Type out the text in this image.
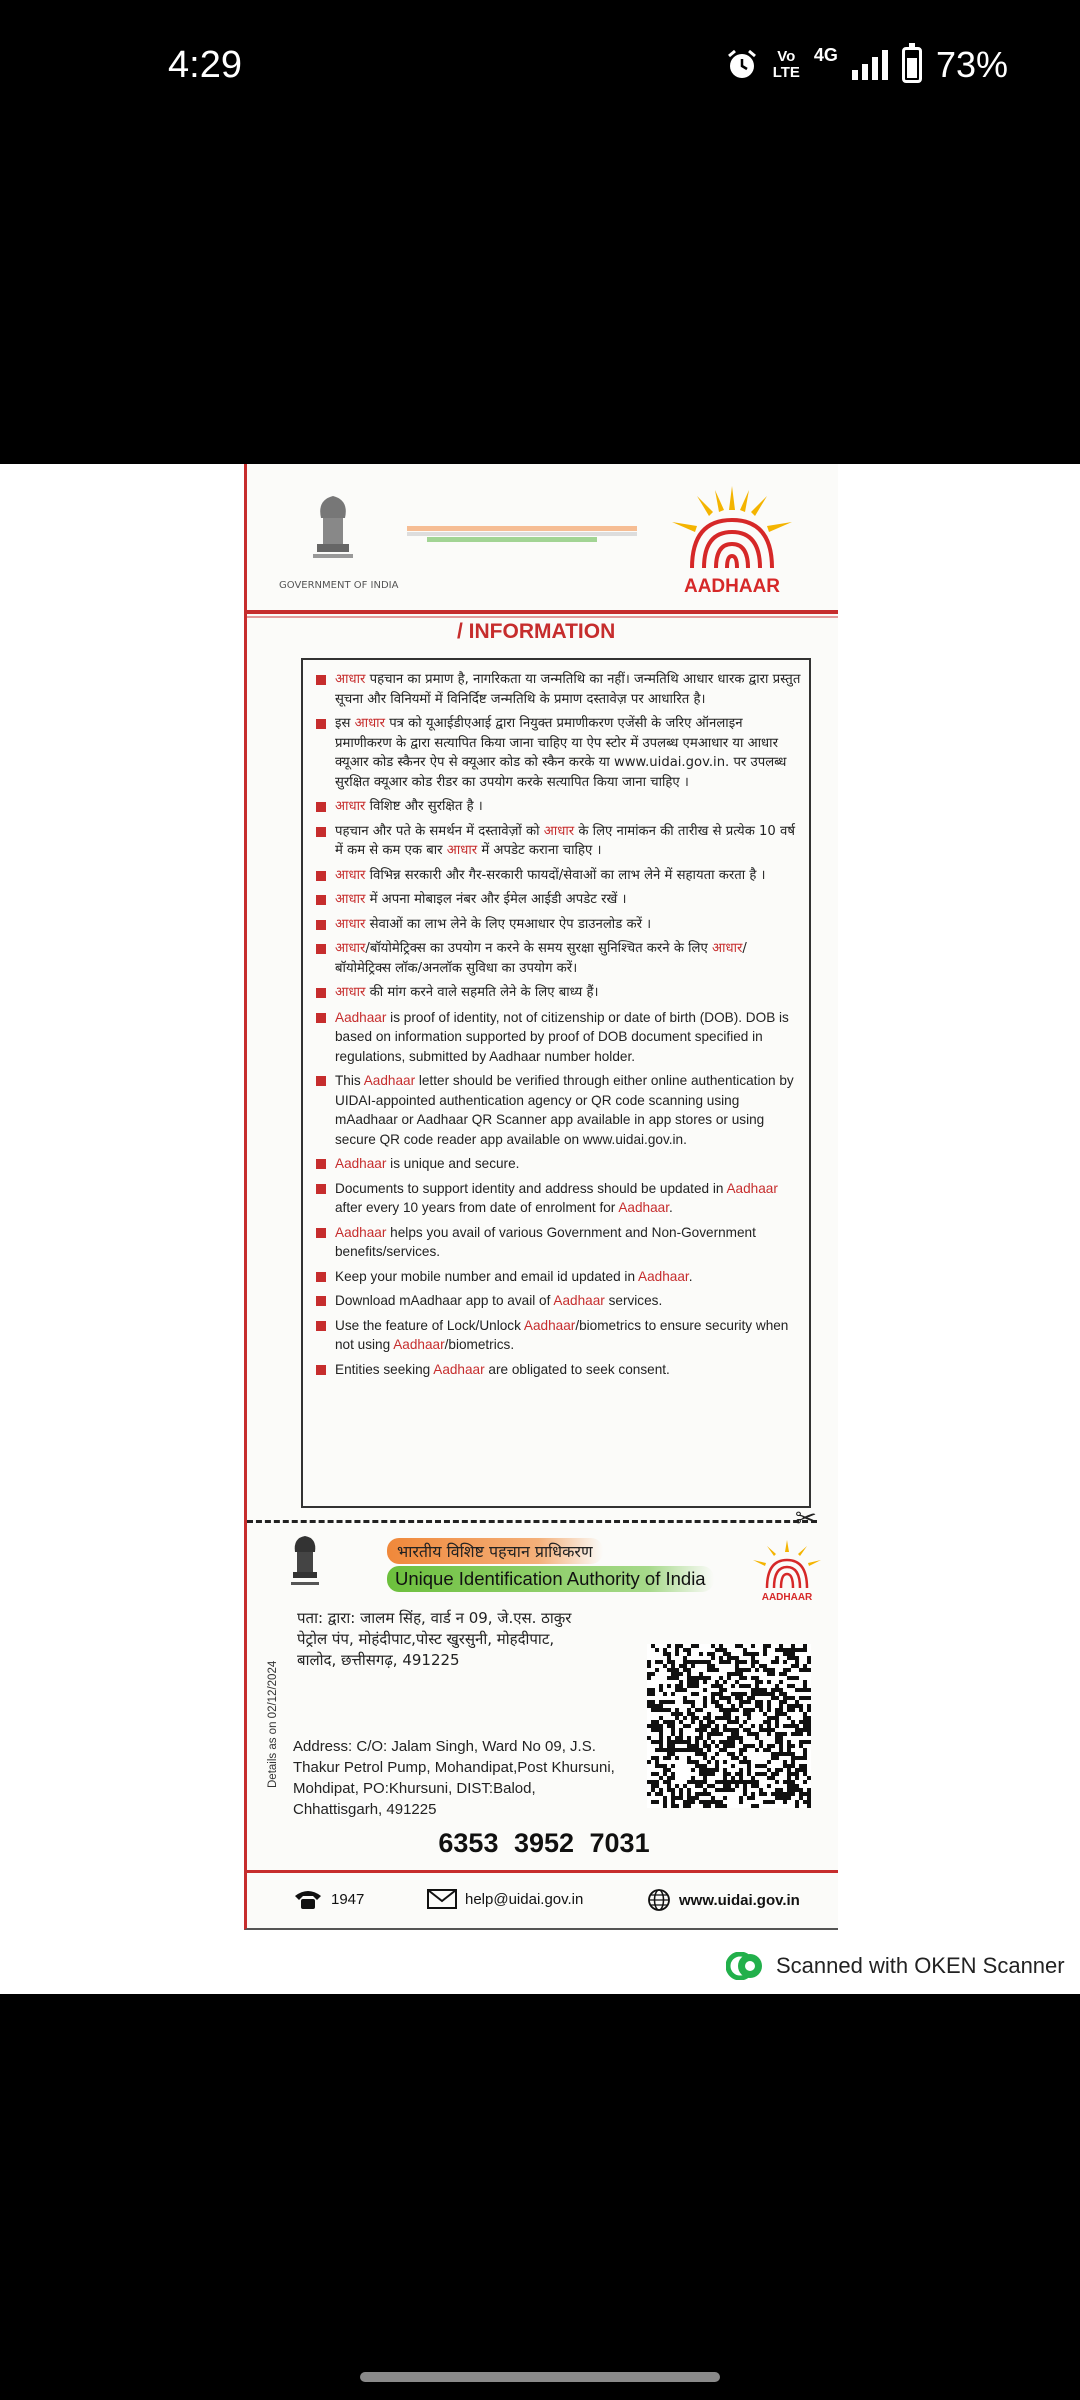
4:29	Vo
LTE
4G	73%
GOVERNMENT OF INDIA	AADHAAR
/ INFORMATION
आधार पहचान का प्रमाण है, नागरिकता या जन्मतिथि का नहीं। जन्मतिथि आधार धारक द्वारा प्रस्तुत सूचना और विनियमों में विनिर्दिष्ट जन्मतिथि के प्रमाण दस्तावेज़ पर आधारित है।
इस आधार पत्र को यूआईडीएआई द्वारा नियुक्त प्रमाणीकरण एजेंसी के जरिए ऑनलाइन प्रमाणीकरण के द्वारा सत्यापित किया जाना चाहिए या ऐप स्टोर में उपलब्ध एमआधार या आधार क्यूआर कोड स्कैनर ऐप से क्यूआर कोड को स्कैन करके या www.uidai.gov.in. पर उपलब्ध सुरक्षित क्यूआर कोड रीडर का उपयोग करके सत्यापित किया जाना चाहिए ।
आधार विशिष्ट और सुरक्षित है ।
पहचान और पते के समर्थन में दस्तावेज़ों को आधार के लिए नामांकन की तारीख से प्रत्येक 10 वर्ष में कम से कम एक बार आधार में अपडेट कराना चाहिए ।
आधार विभिन्न सरकारी और गैर-सरकारी फायदों/सेवाओं का लाभ लेने में सहायता करता है ।
आधार में अपना मोबाइल नंबर और ईमेल आईडी अपडेट रखें ।
आधार सेवाओं का लाभ लेने के लिए एमआधार ऐप डाउनलोड करें ।
आधार/बॉयोमेट्रिक्स का उपयोग न करने के समय सुरक्षा सुनिश्चित करने के लिए आधार/बॉयोमेट्रिक्स लॉक/अनलॉक सुविधा का उपयोग करें।
आधार की मांग करने वाले सहमति लेने के लिए बाध्य हैं।
Aadhaar is proof of identity, not of citizenship or date of birth (DOB). DOB is based on information supported by proof of DOB document specified in regulations, submitted by Aadhaar number holder.
This Aadhaar letter should be verified through either online authentication by UIDAI-appointed authentication agency or QR code scanning using mAadhaar or Aadhaar QR Scanner app available in app stores or using secure QR code reader app available on www.uidai.gov.in.
Aadhaar is unique and secure.
Documents to support identity and address should be updated in Aadhaar after every 10 years from date of enrolment for Aadhaar.
Aadhaar helps you avail of various Government and Non-Government benefits/services.
Keep your mobile number and email id updated in Aadhaar.
Download mAadhaar app to avail of Aadhaar services.
Use the feature of Lock/Unlock Aadhaar/biometrics to ensure security when not using Aadhaar/biometrics.
Entities seeking Aadhaar are obligated to seek consent.
✂
भारतीय विशिष्ट पहचान प्राधिकरण
Unique Identification Authority of India
AADHAAR
पता: द्वारा: जालम सिंह, वार्ड न 09, जे.एस. ठाकुर पेट्रोल पंप, मोहंदीपाट,पोस्ट खुरसुनी, मोहदीपाट, बालोद, छत्तीसगढ़, 491225
Details as on 02/12/2024 Address: C/O: Jalam Singh, Ward No 09, J.S. Thakur Petrol Pump, Mohandipat,Post Khursuni, Mohdipat, PO:Khursuni, DIST:Balod, Chhattisgarh, 491225
6353 3952 7031
1947	help@uidai.gov.in	www.uidai.gov.in
Scanned with OKEN Scanner
